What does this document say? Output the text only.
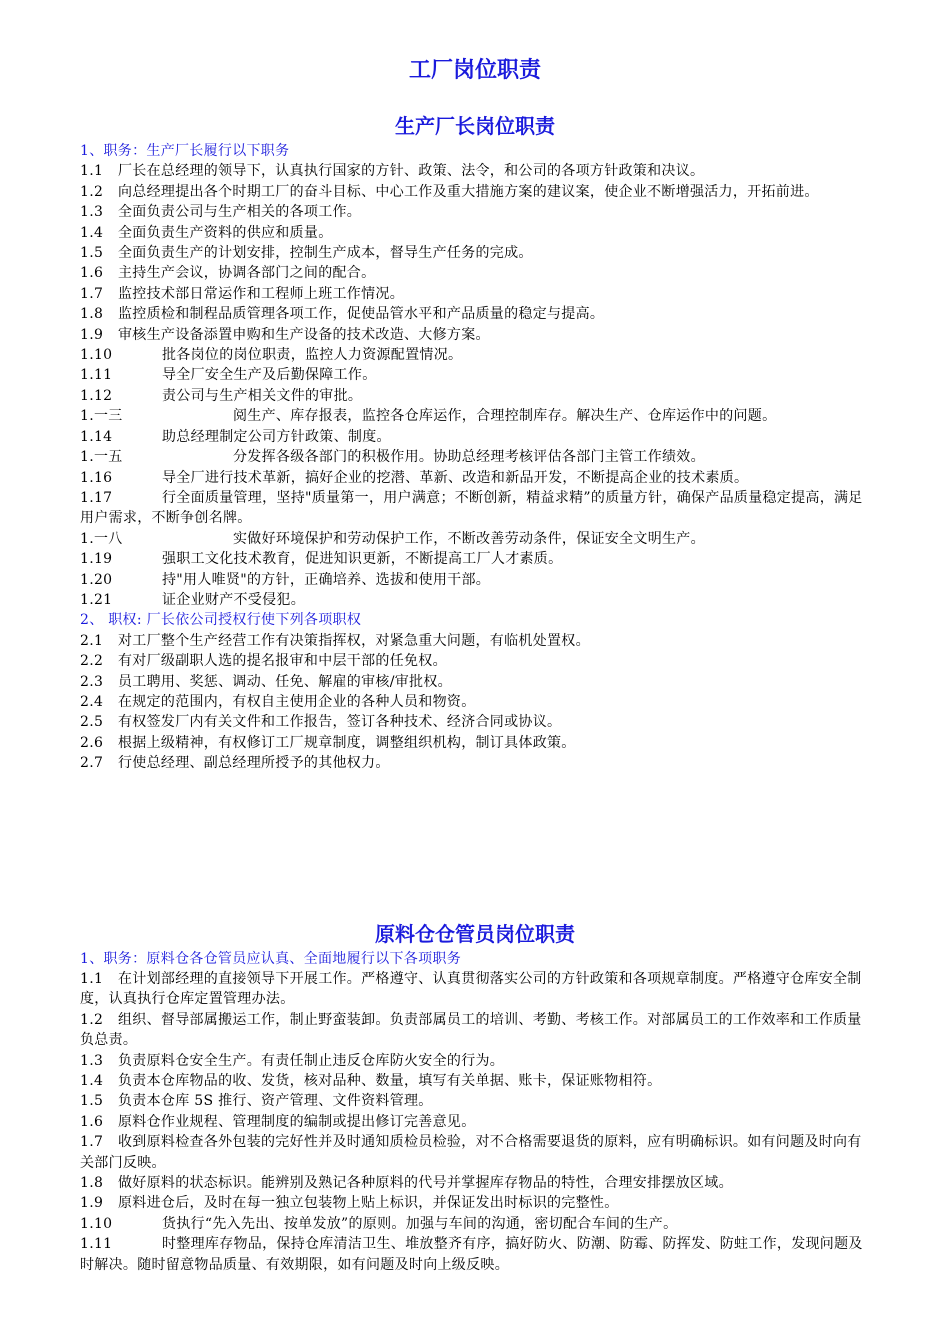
工厂岗位职责
生产厂长岗位职责
1、职务：生产厂长履行以下职务
1.1 厂长在总经理的领导下，认真执行国家的方针、政策、法令，和公司的各项方针政策和决议。
1.2 向总经理提出各个时期工厂的奋斗目标、中心工作及重大措施方案的建议案，使企业不断增强活力，开拓前进。
1.3 全面负责公司与生产相关的各项工作。
1.4 全面负责生产资料的供应和质量。
1.5 全面负责生产的计划安排，控制生产成本，督导生产任务的完成。
1.6 主持生产会议，协调各部门之间的配合。
1.7 监控技术部日常运作和工程师上班工作情况。
1.8 监控质检和制程品质管理各项工作，促使品管水平和产品质量的稳定与提高。
1.9 审核生产设备添置申购和生产设备的技术改造、大修方案。
1.10	批各岗位的岗位职责，监控人力资源配置情况。
1.11	导全厂安全生产及后勤保障工作。
1.12	责公司与生产相关文件的审批。
1.一三	阅生产、库存报表，监控各仓库运作，合理控制库存。解决生产、仓库运作中的问题。
1.14	助总经理制定公司方针政策、制度。
1.一五	分发挥各级各部门的积极作用。协助总经理考核评估各部门主管工作绩效。
1.16	导全厂进行技术革新，搞好企业的挖潜、革新、改造和新品开发，不断提高企业的技术素质。
1.17	行全面质量管理，坚持"质量第一，用户满意；不断创新，精益求精”的质量方针，确保产品质量稳定提高，满足用户需求，不断争创名牌。
1.一八	实做好环境保护和劳动保护工作，不断改善劳动条件，保证安全文明生产。
1.19	强职工文化技术教育，促进知识更新，不断提高工厂人才素质。
1.20	持"用人唯贤"的方针，正确培养、选拔和使用干部。
1.21	证企业财产不受侵犯。
2、 职权: 厂长依公司授权行使下列各项职权
2.1 对工厂整个生产经营工作有决策指挥权，对紧急重大问题，有临机处置权。
2.2 有对厂级副职人选的提名报审和中层干部的任免权。
2.3 员工聘用、奖惩、调动、任免、解雇的审核/审批权。
2.4 在规定的范围内，有权自主使用企业的各种人员和物资。
2.5 有权签发厂内有关文件和工作报告，签订各种技术、经济合同或协议。
2.6 根据上级精神，有权修订工厂规章制度，调整组织机构，制订具体政策。
2.7 行使总经理、副总经理所授予的其他权力。
原料仓仓管员岗位职责
1、职务：原料仓各仓管员应认真、全面地履行以下各项职务
1.1 在计划部经理的直接领导下开展工作。严格遵守、认真贯彻落实公司的方针政策和各项规章制度。严格遵守仓库安全制度，认真执行仓库定置管理办法。
1.2 组织、督导部属搬运工作，制止野蛮装卸。负责部属员工的培训、考勤、考核工作。对部属员工的工作效率和工作质量负总责。
1.3 负责原料仓安全生产。有责任制止违反仓库防火安全的行为。
1.4 负责本仓库物品的收、发货，核对品种、数量，填写有关单据、账卡，保证账物相符。
1.5 负责本仓库 5S 推行、资产管理、文件资料管理。
1.6 原料仓作业规程、管理制度的编制或提出修订完善意见。
1.7 收到原料检查各外包装的完好性并及时通知质检员检验，对不合格需要退货的原料，应有明确标识。如有问题及时向有关部门反映。
1.8 做好原料的状态标识。能辨别及熟记各种原料的代号并掌握库存物品的特性，合理安排摆放区域。
1.9 原料进仓后，及时在每一独立包装物上贴上标识，并保证发出时标识的完整性。
1.10	货执行“先入先出、按单发放”的原则。加强与车间的沟通，密切配合车间的生产。
1.11	时整理库存物品，保持仓库清洁卫生、堆放整齐有序，搞好防火、防潮、防霉、防挥发、防蛀工作，发现问题及时解决。随时留意物品质量、有效期限，如有问题及时向上级反映。
